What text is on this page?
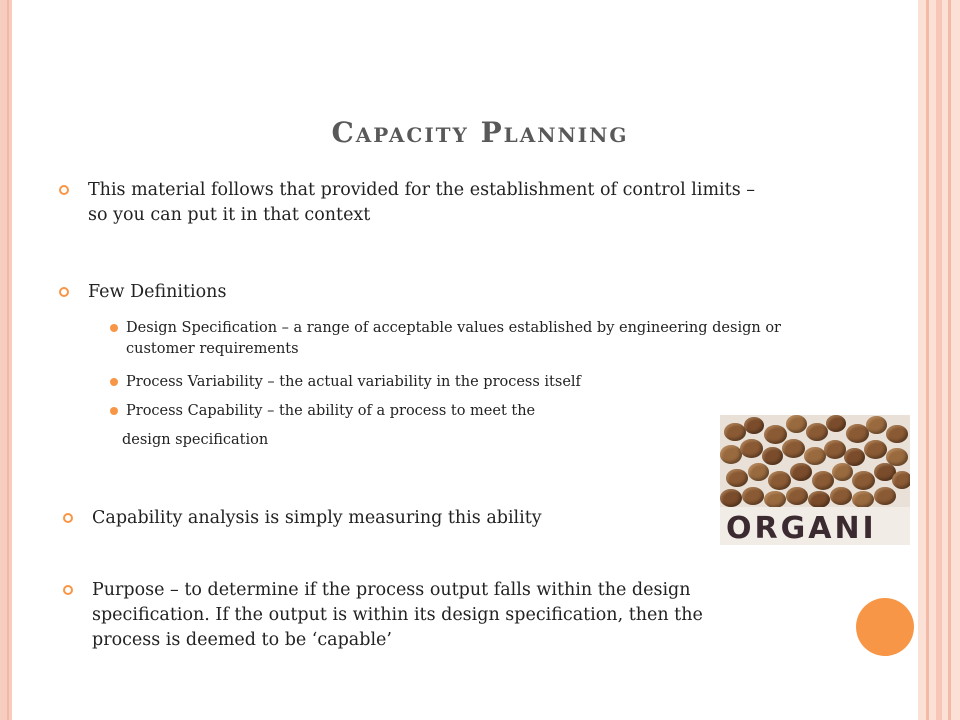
Capacity Planning
This material follows that provided for the establishment of control limits – so you can put it in that context
Few Definitions
Design Specification – a range of acceptable values established by engineering design or customer requirements
Process Variability – the actual variability in the process itself
Process Capability – the ability of a process to meet the
design specification
ORGANI
Capability analysis is simply measuring this ability
Purpose – to determine if the process output falls within the design specification. If the output is within its design specification, then the process is deemed to be ‘capable’
